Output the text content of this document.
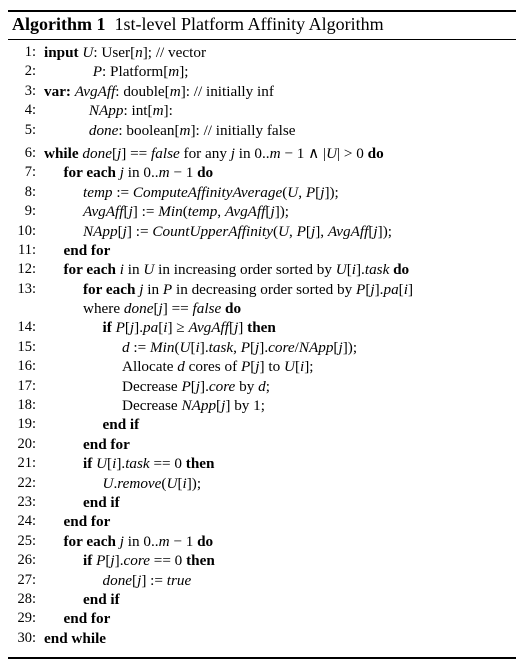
Algorithm 1 1st-level Platform Affinity Algorithm
1: input U: User[n]; // vector
2:	P: Platform[m];
3: var: AvgAff: double[m]: // initially inf
4:	NApp: int[m]:
5:	done: boolean[m]: // initially false
6: while done[j] == false for any j in 0..m − 1 ∧ |U| > 0 do
7: for each j in 0..m − 1 do
8:	temp := ComputeAffinityAverage(U, P[j]);
9:	AvgAff[j] := Min(temp, AvgAff[j]);
10:	NApp[j] := CountUpperAffinity(U, P[j], AvgAff[j]);
11: end for
12: for each i in U in increasing order sorted by U[i].task do
13:	for each j in P in decreasing order sorted by P[j].pa[i]
where done[j] == false do
14:	if P[j].pa[i] ≥ AvgAff[j] then
15:	d := Min(U[i].task, P[j].core/NApp[j]);
16:	Allocate d cores of P[j] to U[i];
17:	Decrease P[j].core by d;
18:	Decrease NApp[j] by 1;
19:	end if
20:	end for
21:	if U[i].task == 0 then
22:	U.remove(U[i]);
23:	end if
24: end for
25: for each j in 0..m − 1 do
26:	if P[j].core == 0 then
27:	done[j] := true
28:	end if
29: end for
30: end while
